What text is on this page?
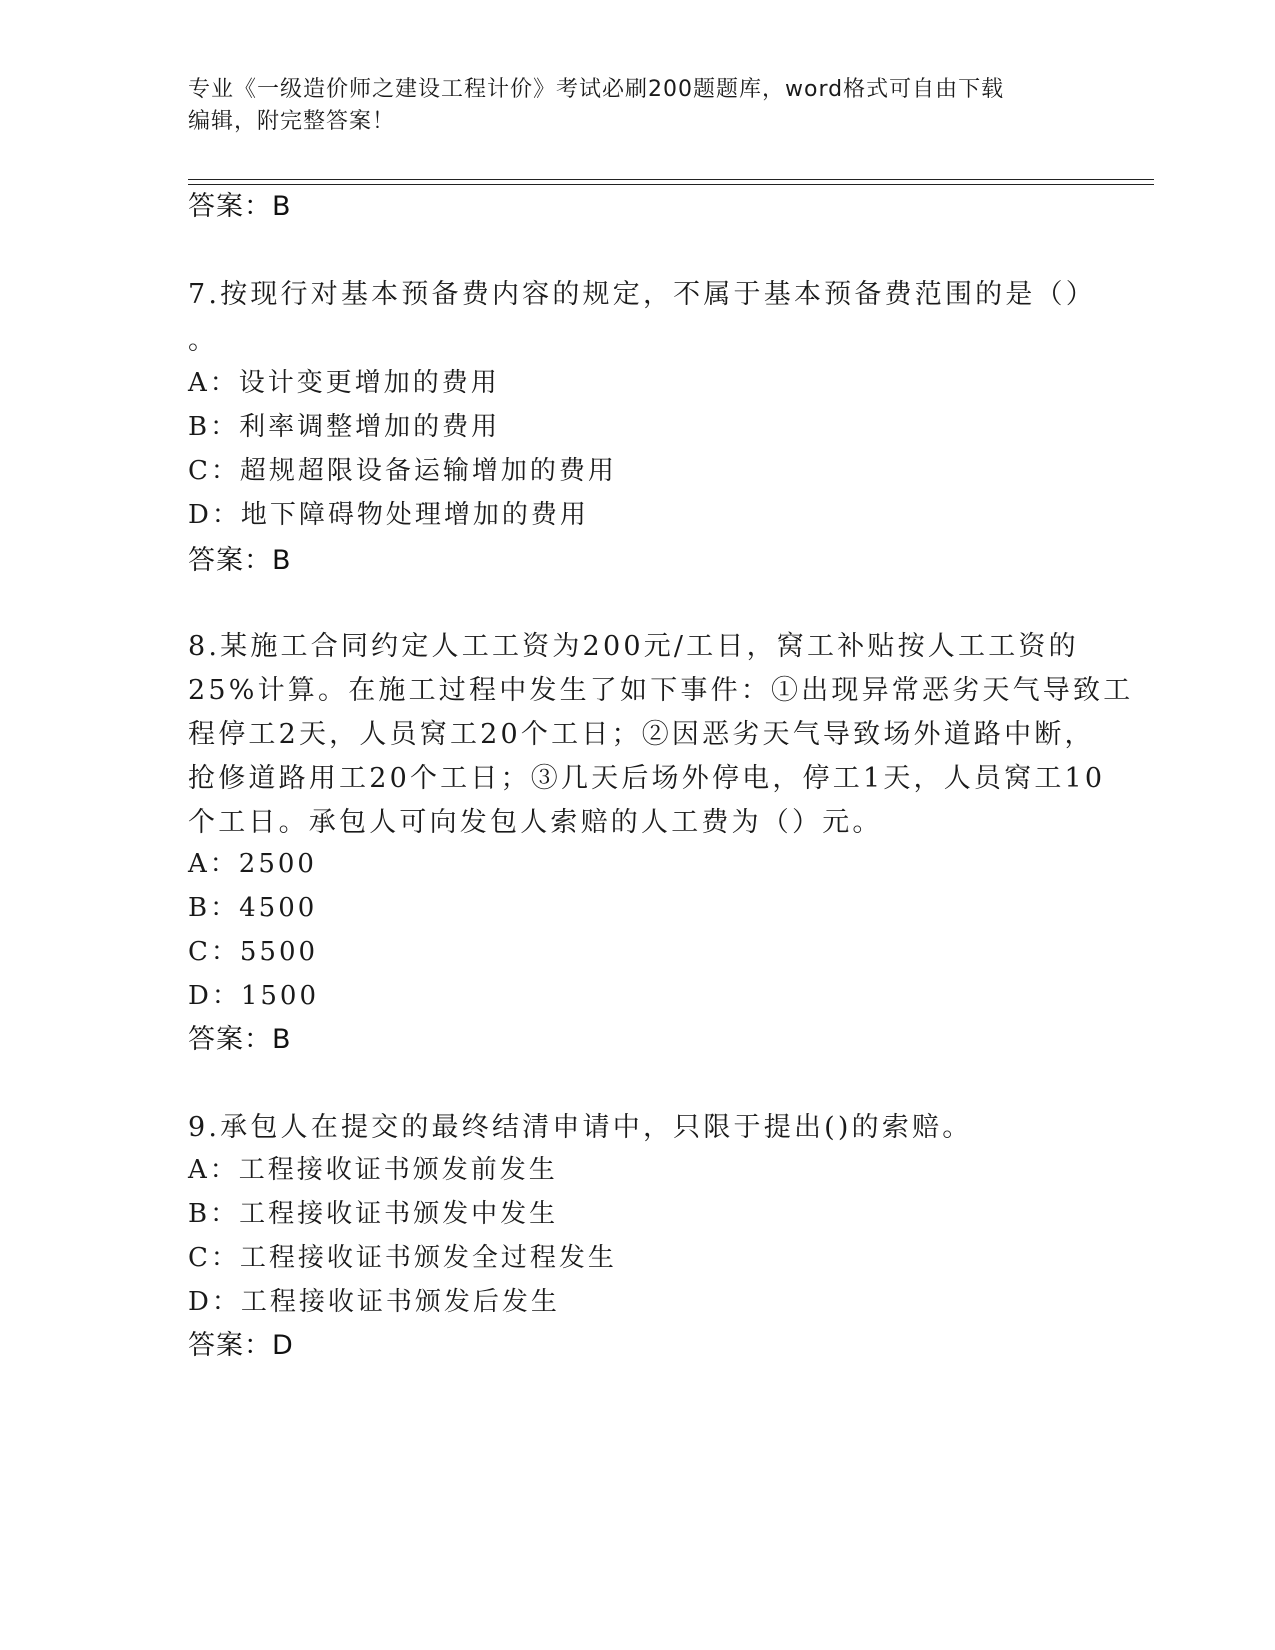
专业《一级造价师之建设工程计价》考试必刷200题题库，word格式可自由下载
编辑，附完整答案！
答案：B
7.按现行对基本预备费内容的规定，不属于基本预备费范围的是（）
。
A：设计变更增加的费用
B：利率调整增加的费用
C：超规超限设备运输增加的费用
D：地下障碍物处理增加的费用
答案：B
8.某施工合同约定人工工资为200元/工日，窝工补贴按人工工资的
25%计算。在施工过程中发生了如下事件：①出现异常恶劣天气导致工
程停工2天，人员窝工20个工日；②因恶劣天气导致场外道路中断，
抢修道路用工20个工日；③几天后场外停电，停工1天，人员窝工10
个工日。承包人可向发包人索赔的人工费为（）元。
A：2500
B：4500
C：5500
D：1500
答案：B
9.承包人在提交的最终结清申请中，只限于提出()的索赔。
A：工程接收证书颁发前发生
B：工程接收证书颁发中发生
C：工程接收证书颁发全过程发生
D：工程接收证书颁发后发生
答案：D
